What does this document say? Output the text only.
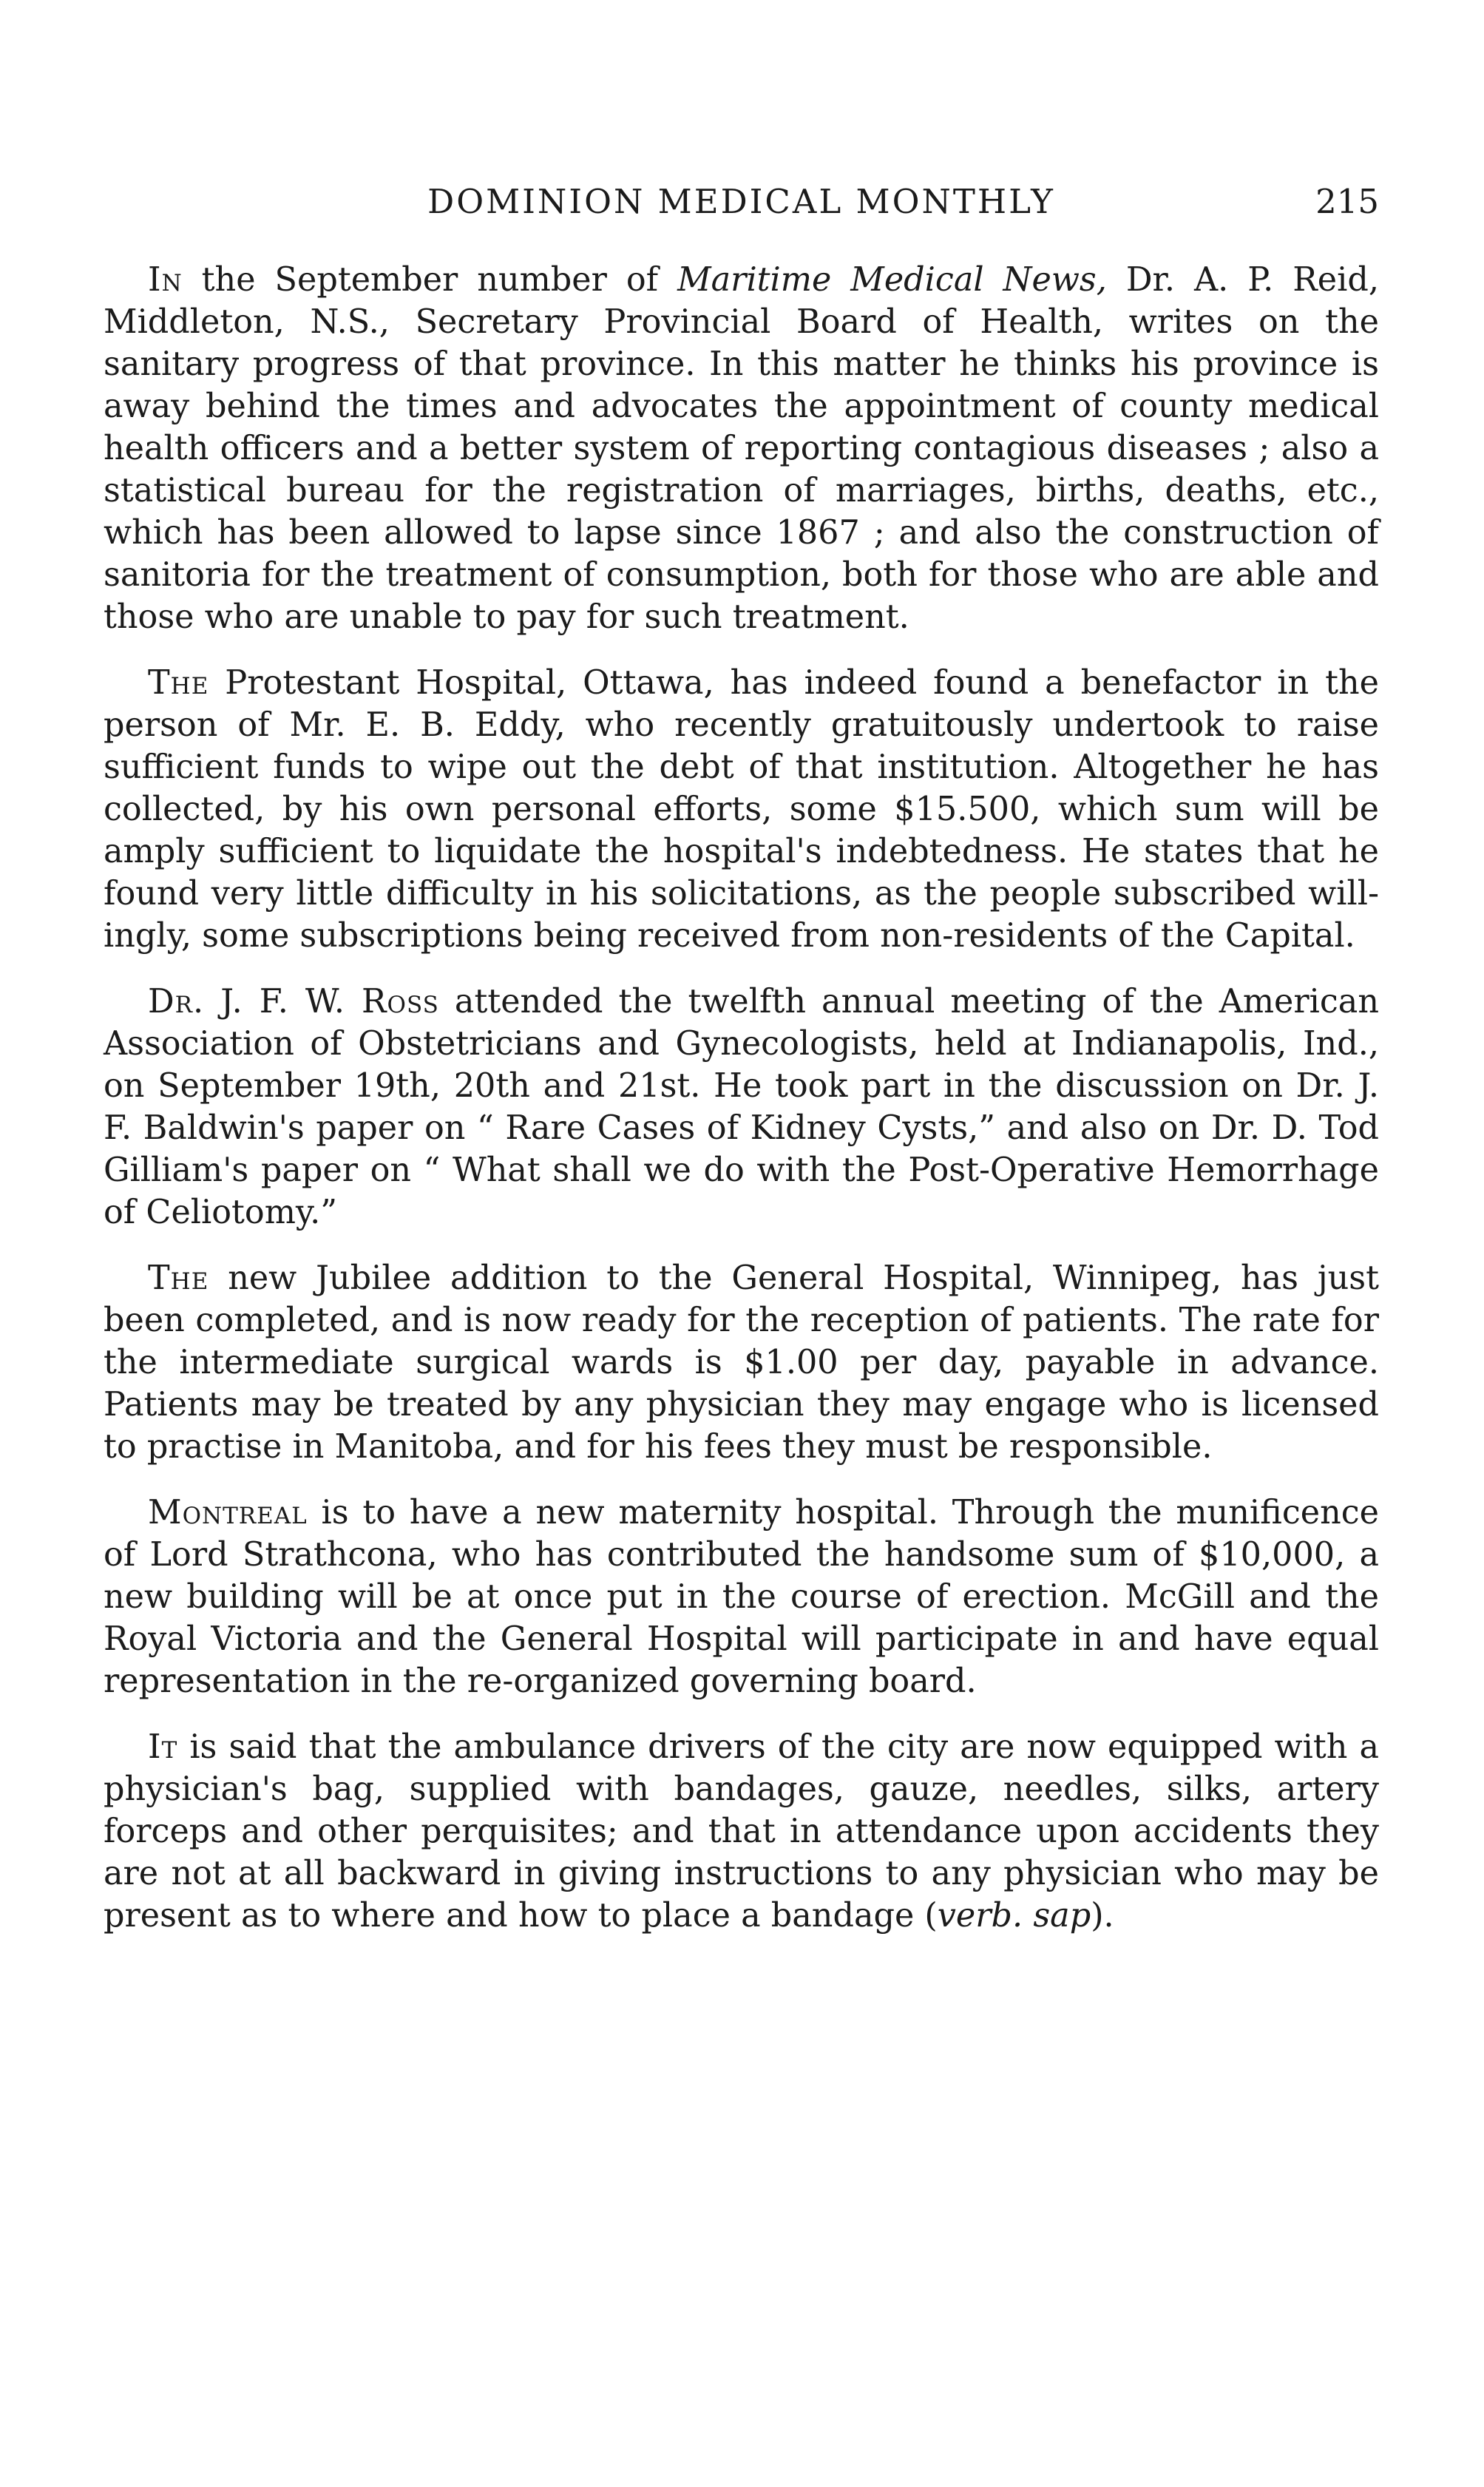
DOMINION MEDICAL MONTHLY	215

In the September number of Maritime Medical News, Dr. A. P. Reid, Middleton, N.S., Secretary Provincial Board of Health, writes on the sanitary progress of that province. In this matter he thinks his province is away behind the times and advocates the appointment of county medical health officers and a better system of reporting contagious diseases ; also a statistical bureau for the registration of marriages, births, deaths, etc., which has been allowed to lapse since 1867 ; and also the construction of sanitoria for the treatment of consumption, both for those who are able and those who are unable to pay for such treatment.

The Protestant Hospital, Ottawa, has indeed found a benefactor in the person of Mr. E. B. Eddy, who recently gratuitously undertook to raise sufficient funds to wipe out the debt of that institution. Altogether he has collected, by his own personal efforts, some $15.500, which sum will be amply sufficient to liquidate the hospital's indebtedness. He states that he found very little difficulty in his solicitations, as the people subscribed willingly, some subscriptions being received from non-residents of the Capital.

Dr. J. F. W. Ross attended the twelfth annual meeting of the American Association of Obstetricians and Gynecologists, held at Indianapolis, Ind., on September 19th, 20th and 21st. He took part in the discussion on Dr. J. F. Baldwin's paper on “ Rare Cases of Kidney Cysts,” and also on Dr. D. Tod Gilliam's paper on “ What shall we do with the Post-Operative Hemorrhage of Celiotomy.”

The new Jubilee addition to the General Hospital, Winnipeg, has just been completed, and is now ready for the reception of patients. The rate for the intermediate surgical wards is $1.00 per day, payable in advance. Patients may be treated by any physician they may engage who is licensed to practise in Manitoba, and for his fees they must be responsible.

Montreal is to have a new maternity hospital. Through the munificence of Lord Strathcona, who has contributed the handsome sum of $10,000, a new building will be at once put in the course of erection. McGill and the Royal Victoria and the General Hospital will participate in and have equal representation in the re-organized governing board.

It is said that the ambulance drivers of the city are now equipped with a physician's bag, supplied with bandages, gauze, needles, silks, artery forceps and other perquisites; and that in attendance upon accidents they are not at all backward in giving instructions to any physician who may be present as to where and how to place a bandage (verb. sap).
